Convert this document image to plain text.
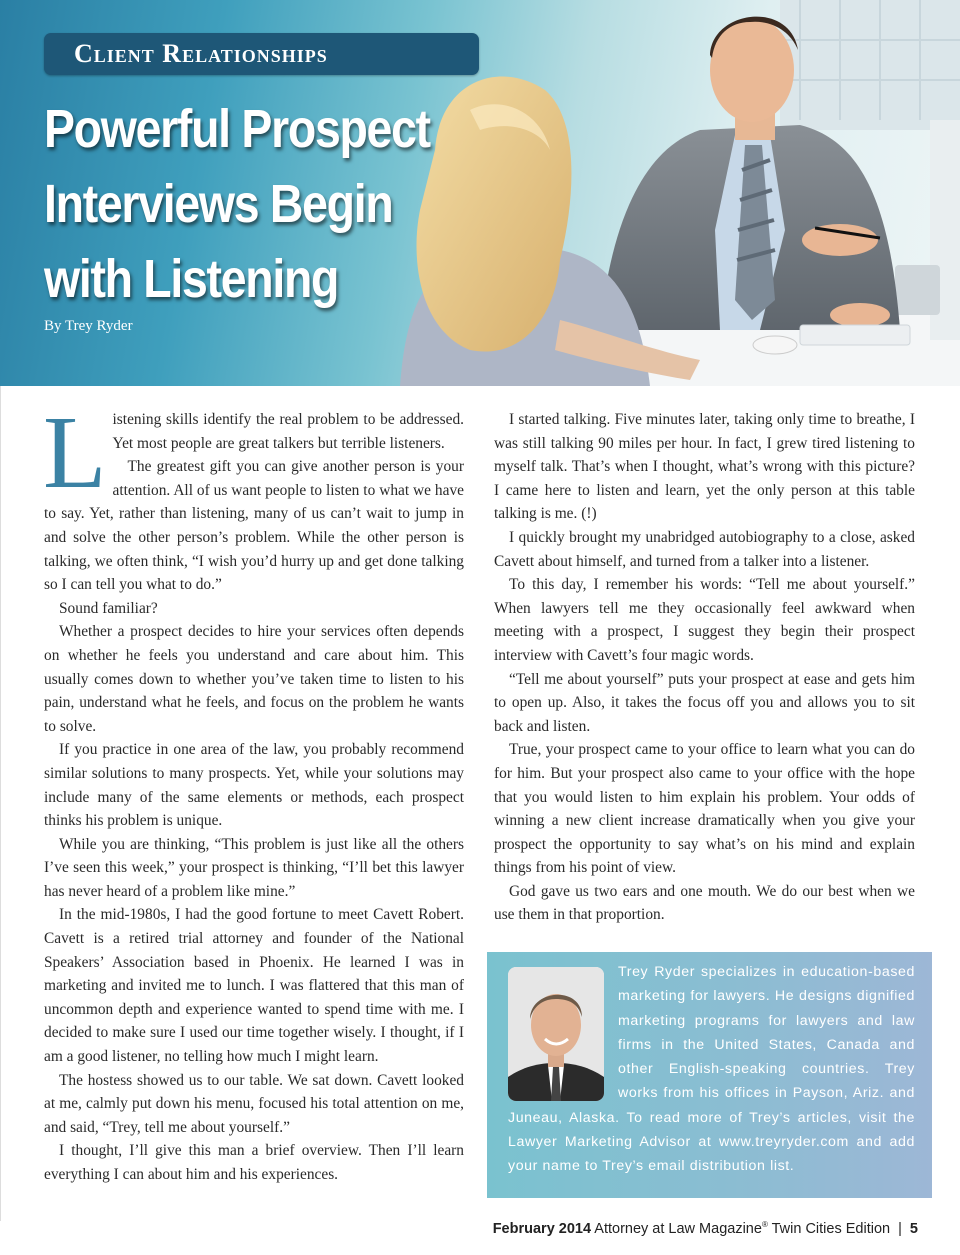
Client Relationships
Powerful Prospect
Interviews Begin
with Listening
By Trey Ryder

Listening skills identify the real problem to be addressed. Yet most people are great talkers but terrible listeners.

The greatest gift you can give another person is your attention. All of us want people to listen to what we have to say. Yet, rather than listening, many of us can’t wait to jump in and solve the other person’s problem. While the other person is talking, we often think, “I wish you’d hurry up and get done talking so I can tell you what to do.”

Sound familiar?

Whether a prospect decides to hire your services often depends on whether he feels you understand and care about him. This usually comes down to whether you’ve taken time to listen to his pain, understand what he feels, and focus on the problem he wants to solve.

If you practice in one area of the law, you probably recommend similar solutions to many prospects. Yet, while your solutions may include many of the same elements or methods, each prospect thinks his problem is unique.

While you are thinking, “This problem is just like all the others I’ve seen this week,” your prospect is thinking, “I’ll bet this lawyer has never heard of a problem like mine.”

In the mid-1980s, I had the good fortune to meet Cavett Robert. Cavett is a retired trial attorney and founder of the National Speakers’ Association based in Phoenix. He learned I was in marketing and invited me to lunch. I was flattered that this man of uncommon depth and experience wanted to spend time with me. I decided to make sure I used our time together wisely. I thought, if I am a good listener, no telling how much I might learn.

The hostess showed us to our table. We sat down. Cavett looked at me, calmly put down his menu, focused his total attention on me, and said, “Trey, tell me about yourself.”

I thought, I’ll give this man a brief overview. Then I’ll learn everything I can about him and his experiences.

I started talking. Five minutes later, taking only time to breathe, I was still talking 90 miles per hour. In fact, I grew tired listening to myself talk. That’s when I thought, what’s wrong with this picture? I came here to listen and learn, yet the only person at this table talking is me. (!)

I quickly brought my unabridged autobiography to a close, asked Cavett about himself, and turned from a talker into a listener.

To this day, I remember his words: “Tell me about yourself.” When lawyers tell me they occasionally feel awkward when meeting with a prospect, I suggest they begin their prospect interview with Cavett’s four magic words.

“Tell me about yourself” puts your prospect at ease and gets him to open up. Also, it takes the focus off you and allows you to sit back and listen.

True, your prospect came to your office to learn what you can do for him. But your prospect also came to your office with the hope that you would listen to him explain his problem. Your odds of winning a new client increase dramatically when you give your prospect the opportunity to say what’s on his mind and explain things from his point of view.

God gave us two ears and one mouth. We do our best when we use them in that proportion.

Trey Ryder specializes in education-based marketing for lawyers. He designs dignified marketing programs for lawyers and law firms in the United States, Canada and other English-speaking countries. Trey works from his offices in Payson, Ariz. and Juneau, Alaska. To read more of Trey’s articles, visit the Lawyer Marketing Advisor at www.treyryder.com and add your name to Trey’s email distribution list.

February 2014 Attorney at Law Magazine® Twin Cities Edition | 5
